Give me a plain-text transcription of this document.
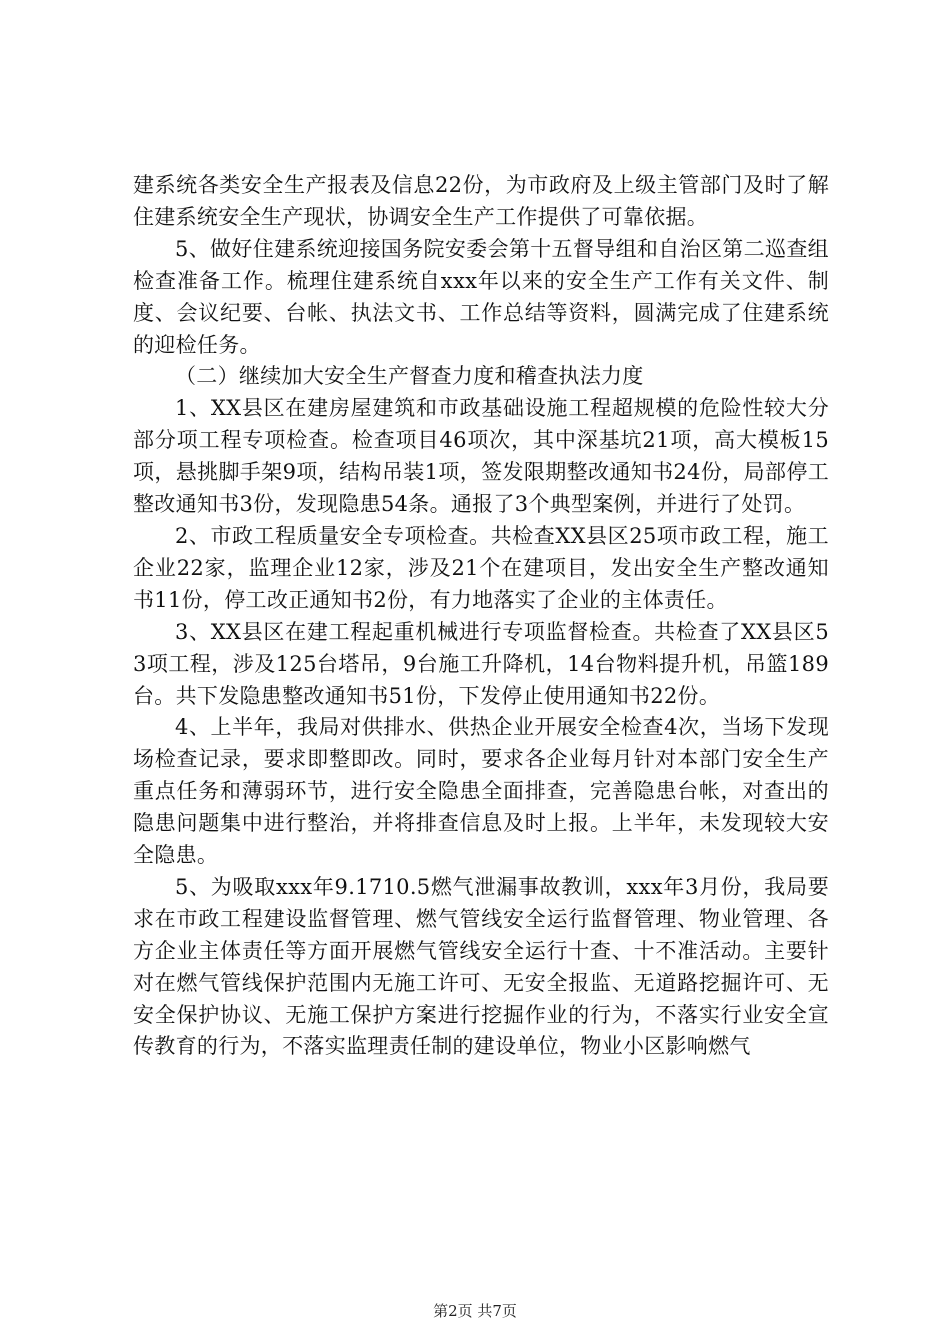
建系统各类安全生产报表及信息22份，为市政府及上级主管部门及时了解住建系统安全生产现状，协调安全生产工作提供了可靠依据。

5、做好住建系统迎接国务院安委会第十五督导组和自治区第二巡查组检查准备工作。梳理住建系统自xxx年以来的安全生产工作有关文件、制度、会议纪要、台帐、执法文书、工作总结等资料，圆满完成了住建系统的迎检任务。

（二）继续加大安全生产督查力度和稽查执法力度

1、XX县区在建房屋建筑和市政基础设施工程超规模的危险性较大分部分项工程专项检查。检查项目46项次，其中深基坑21项，高大模板15项，悬挑脚手架9项，结构吊装1项，签发限期整改通知书24份，局部停工整改通知书3份，发现隐患54条。通报了3个典型案例，并进行了处罚。

2、市政工程质量安全专项检查。共检查XX县区25项市政工程，施工企业22家，监理企业12家，涉及21个在建项目，发出安全生产整改通知书11份，停工改正通知书2份，有力地落实了企业的主体责任。

3、XX县区在建工程起重机械进行专项监督检查。共检查了XX县区53项工程，涉及125台塔吊，9台施工升降机，14台物料提升机，吊篮189台。共下发隐患整改通知书51份，下发停止使用通知书22份。

4、上半年，我局对供排水、供热企业开展安全检查4次，当场下发现场检查记录，要求即整即改。同时，要求各企业每月针对本部门安全生产重点任务和薄弱环节，进行安全隐患全面排查，完善隐患台帐，对查出的隐患问题集中进行整治，并将排查信息及时上报。上半年，未发现较大安全隐患。

5、为吸取xxx年9.1710.5燃气泄漏事故教训，xxx年3月份，我局要求在市政工程建设监督管理、燃气管线安全运行监督管理、物业管理、各方企业主体责任等方面开展燃气管线安全运行十查、十不准活动。主要针对在燃气管线保护范围内无施工许可、无安全报监、无道路挖掘许可、无安全保护协议、无施工保护方案进行挖掘作业的行为，不落实行业安全宣传教育的行为，不落实监理责任制的建设单位，物业小区影响燃气

第2页 共7页
